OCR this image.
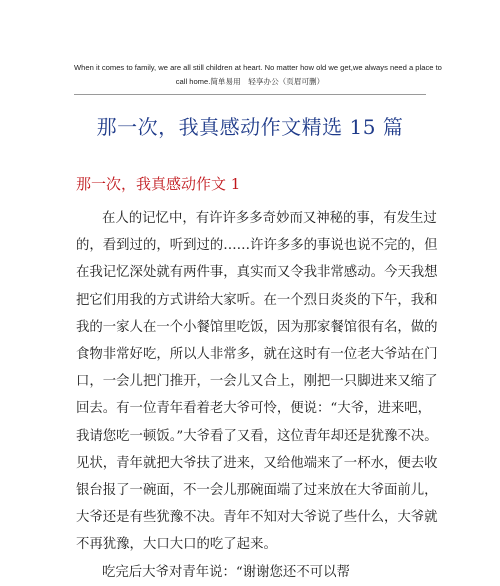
When it comes to family, we are all still children at heart. No matter how old we get,we always need a place to
call home.简单易用　轻享办公（页眉可删）
那一次，我真感动作文精选 15 篇
那一次，我真感动作文 1
在人的记忆中，有许许多多奇妙而又神秘的事，有发生过
的，看到过的，听到过的……许许多多的事说也说不完的，但
在我记忆深处就有两件事，真实而又令我非常感动。今天我想
把它们用我的方式讲给大家听。在一个烈日炎炎的下午，我和
我的一家人在一个小餐馆里吃饭，因为那家餐馆很有名，做的
食物非常好吃，所以人非常多，就在这时有一位老大爷站在门
口，一会儿把门推开，一会儿又合上，刚把一只脚进来又缩了
回去。有一位青年看着老大爷可怜，便说：“大爷，进来吧，
我请您吃一顿饭。”大爷看了又看，这位青年却还是犹豫不决。
见状，青年就把大爷扶了进来，又给他端来了一杯水，便去收
银台报了一碗面，不一会儿那碗面端了过来放在大爷面前儿，
大爷还是有些犹豫不决。青年不知对大爷说了些什么，大爷就
不再犹豫，大口大口的吃了起来。
吃完后大爷对青年说：“谢谢您还不可以帮
